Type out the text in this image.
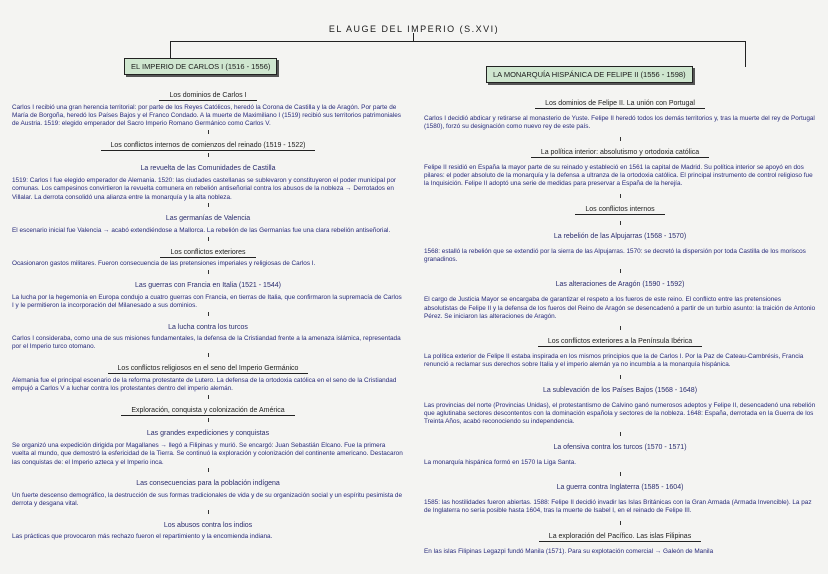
EL AUGE DEL IMPERIO (S.XVI)
EL IMPERIO DE CARLOS I (1516 - 1556)
LA MONARQUÍA HISPÁNICA DE FELIPE II (1556 - 1598)
Los dominios de Carlos I
Carlos I recibió una gran herencia territorial: por parte de los Reyes Católicos, heredó la Corona de Castilla y la de Aragón. Por parte de María de Borgoña, heredó los Países Bajos y el Franco Condado. A la muerte de Maximiliano I (1519) recibió sus territorios patrimoniales de Austria. 1519: elegido emperador del Sacro Imperio Romano Germánico como Carlos V.
Los conflictos internos de comienzos del reinado (1519 - 1522)
La revuelta de las Comunidades de Castilla
1519: Carlos I fue elegido emperador de Alemania. 1520: las ciudades castellanas se sublevaron y constituyeron el poder municipal por comunas. Los campesinos convirtieron la revuelta comunera en rebelión antiseñorial contra los abusos de la nobleza → Derrotados en Villalar. La derrota consolidó una alianza entre la monarquía y la alta nobleza.
Las germanías de Valencia
El escenario inicial fue Valencia → acabó extendiéndose a Mallorca. La rebelión de las Germanías fue una clara rebelión antiseñorial.
Los conflictos exteriores
Ocasionaron gastos militares. Fueron consecuencia de las pretensiones imperiales y religiosas de Carlos I.
Las guerras con Francia en Italia (1521 - 1544)
La lucha por la hegemonía en Europa condujo a cuatro guerras con Francia, en tierras de Italia, que confirmaron la supremacía de Carlos I y le permitieron la incorporación del Milanesado a sus dominios.
La lucha contra los turcos
Carlos I consideraba, como una de sus misiones fundamentales, la defensa de la Cristiandad frente a la amenaza islámica, representada por el Imperio turco otomano.
Los conflictos religiosos en el seno del Imperio Germánico
Alemania fue el principal escenario de la reforma protestante de Lutero. La defensa de la ortodoxia católica en el seno de la Cristiandad empujó a Carlos V a luchar contra los protestantes dentro del imperio alemán.
Exploración, conquista y colonización de América
Las grandes expediciones y conquistas
Se organizó una expedición dirigida por Magallanes → llegó a Filipinas y murió. Se encargó: Juan Sebastián Elcano. Fue la primera vuelta al mundo, que demostró la esfericidad de la Tierra. Se continuó la exploración y colonización del continente americano. Destacaron las conquistas de: el Imperio azteca y el Imperio inca.
Las consecuencias para la población indígena
Un fuerte descenso demográfico, la destrucción de sus formas tradicionales de vida y de su organización social y un espíritu pesimista de derrota y desgana vital.
Los abusos contra los indios
Las prácticas que provocaron más rechazo fueron el repartimiento y la encomienda indiana.
Los dominios de Felipe II. La unión con Portugal
Carlos I decidió abdicar y retirarse al monasterio de Yuste. Felipe II heredó todos los demás territorios y, tras la muerte del rey de Portugal (1580), forzó su designación como nuevo rey de este país.
La política interior: absolutismo y ortodoxia católica
Felipe II residió en España la mayor parte de su reinado y estableció en 1561 la capital de Madrid. Su política interior se apoyó en dos pilares: el poder absoluto de la monarquía y la defensa a ultranza de la ortodoxia católica. El principal instrumento de control religioso fue la Inquisición. Felipe II adoptó una serie de medidas para preservar a España de la herejía.
Los conflictos internos
La rebelión de las Alpujarras (1568 - 1570)
1568: estalló la rebelión que se extendió por la sierra de las Alpujarras. 1570: se decretó la dispersión por toda Castilla de los moriscos granadinos.
Las alteraciones de Aragón (1590 - 1592)
El cargo de Justicia Mayor se encargaba de garantizar el respeto a los fueros de este reino. El conflicto entre las pretensiones absolutistas de Felipe II y la defensa de los fueros del Reino de Aragón se desencadenó a partir de un turbio asunto: la traición de Antonio Pérez. Se iniciaron las alteraciones de Aragón.
Los conflictos exteriores a la Península Ibérica
La política exterior de Felipe II estaba inspirada en los mismos principios que la de Carlos I. Por la Paz de Cateau-Cambrésis, Francia renunció a reclamar sus derechos sobre Italia y el imperio alemán ya no incumbía a la monarquía hispánica.
La sublevación de los Países Bajos (1568 - 1648)
Las provincias del norte (Provincias Unidas), el protestantismo de Calvino ganó numerosos adeptos y Felipe II, desencadenó una rebelión que aglutinaba sectores descontentos con la dominación española y sectores de la nobleza. 1648: España, derrotada en la Guerra de los Treinta Años, acabó reconociendo su independencia.
La ofensiva contra los turcos (1570 - 1571)
La monarquía hispánica formó en 1570 la Liga Santa.
La guerra contra Inglaterra (1585 - 1604)
1585: las hostilidades fueron abiertas. 1588: Felipe II decidió invadir las Islas Británicas con la Gran Armada (Armada Invencible). La paz de Inglaterra no sería posible hasta 1604, tras la muerte de Isabel I, en el reinado de Felipe III.
La exploración del Pacífico. Las islas Filipinas
En las islas Filipinas Legazpi fundó Manila (1571). Para su explotación comercial → Galeón de Manila
